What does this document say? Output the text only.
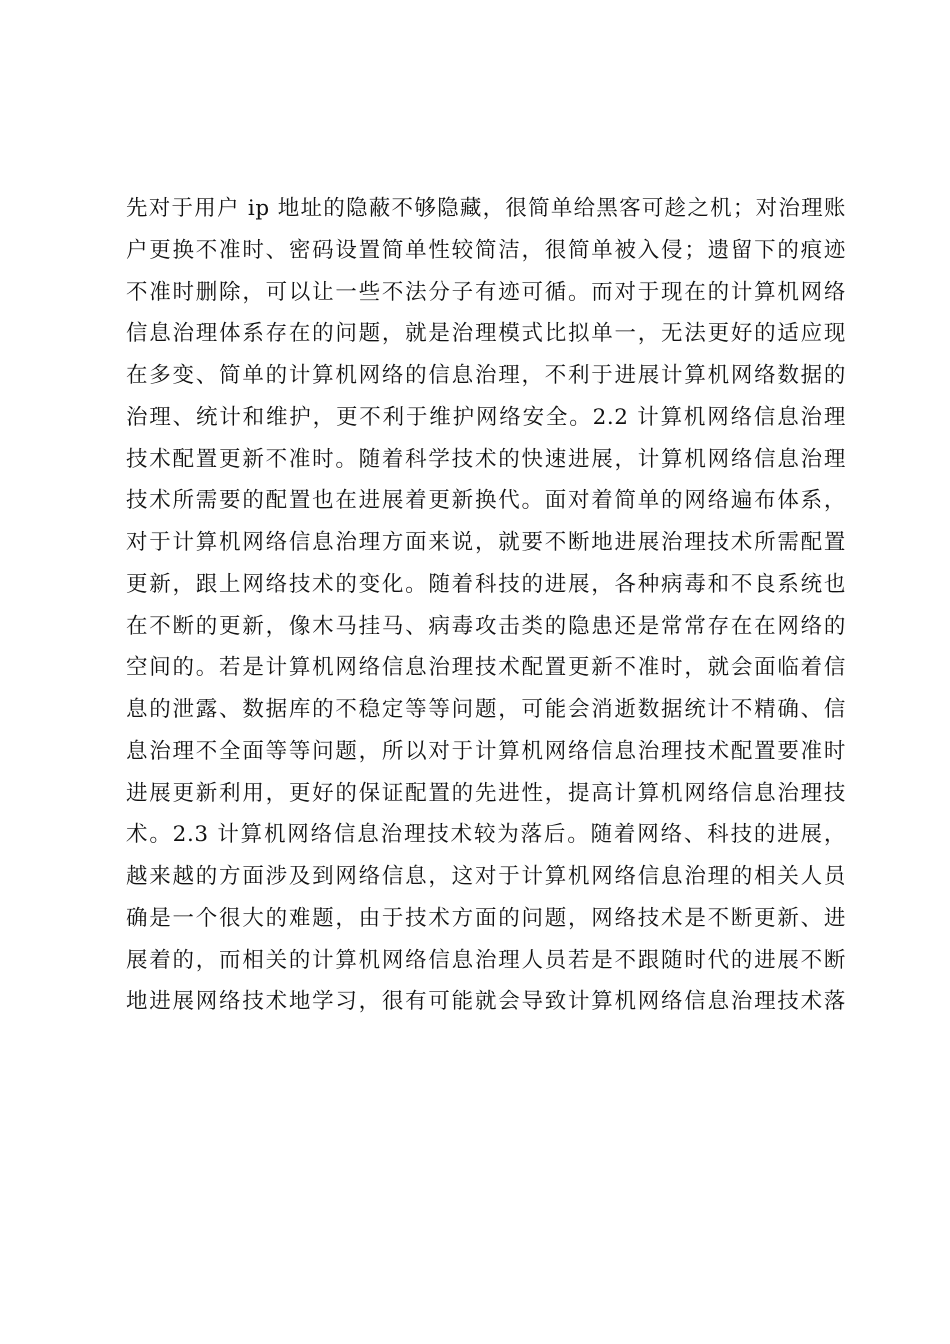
先对于用户 ip 地址的隐蔽不够隐藏，很简单给黑客可趁之机；对治理账
户更换不准时、密码设置简单性较简洁，很简单被入侵；遗留下的痕迹
不准时删除，可以让一些不法分子有迹可循。而对于现在的计算机网络
信息治理体系存在的问题，就是治理模式比拟单一，无法更好的适应现
在多变、简单的计算机网络的信息治理，不利于进展计算机网络数据的
治理、统计和维护，更不利于维护网络安全。2.2 计算机网络信息治理
技术配置更新不准时。随着科学技术的快速进展，计算机网络信息治理
技术所需要的配置也在进展着更新换代。面对着简单的网络遍布体系，
对于计算机网络信息治理方面来说，就要不断地进展治理技术所需配置
更新，跟上网络技术的变化。随着科技的进展，各种病毒和不良系统也
在不断的更新，像木马挂马、病毒攻击类的隐患还是常常存在在网络的
空间的。若是计算机网络信息治理技术配置更新不准时，就会面临着信
息的泄露、数据库的不稳定等等问题，可能会消逝数据统计不精确、信
息治理不全面等等问题，所以对于计算机网络信息治理技术配置要准时
进展更新利用，更好的保证配置的先进性，提高计算机网络信息治理技
术。2.3 计算机网络信息治理技术较为落后。随着网络、科技的进展，
越来越的方面涉及到网络信息，这对于计算机网络信息治理的相关人员
确是一个很大的难题，由于技术方面的问题，网络技术是不断更新、进
展着的，而相关的计算机网络信息治理人员若是不跟随时代的进展不断
地进展网络技术地学习，很有可能就会导致计算机网络信息治理技术落
